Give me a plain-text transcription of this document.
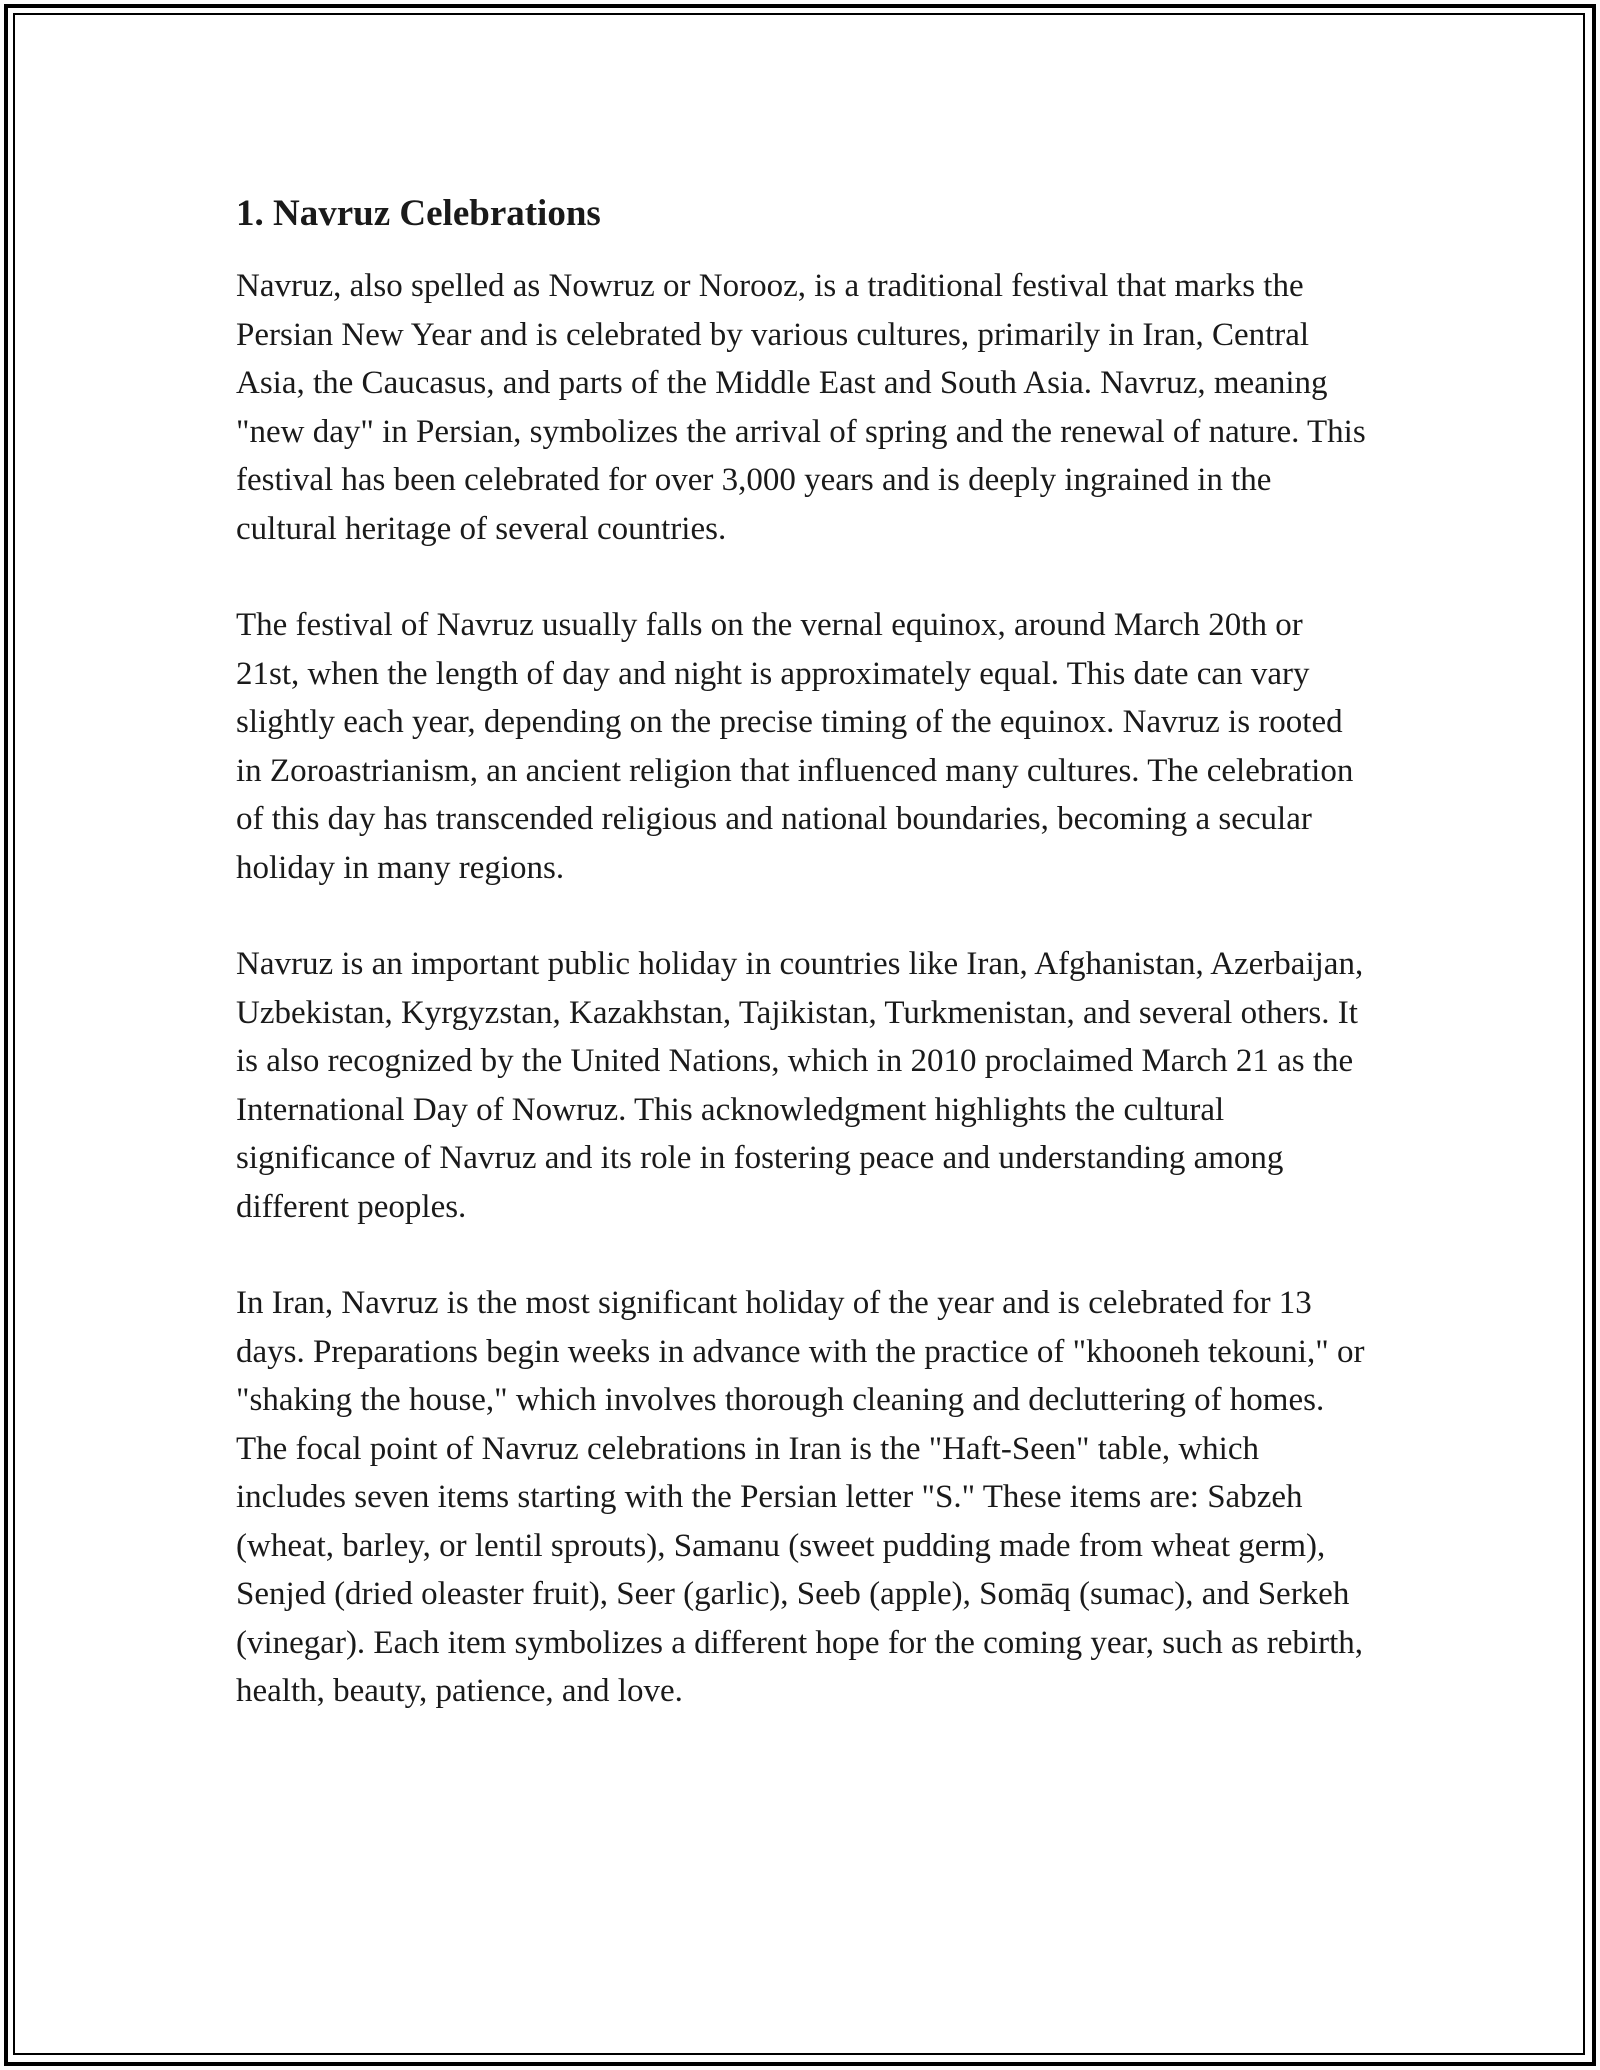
1. Navruz Celebrations

Navruz, also spelled as Nowruz or Norooz, is a traditional festival that marks the Persian New Year and is celebrated by various cultures, primarily in Iran, Central Asia, the Caucasus, and parts of the Middle East and South Asia. Navruz, meaning "new day" in Persian, symbolizes the arrival of spring and the renewal of nature. This festival has been celebrated for over 3,000 years and is deeply ingrained in the cultural heritage of several countries.

The festival of Navruz usually falls on the vernal equinox, around March 20th or 21st, when the length of day and night is approximately equal. This date can vary slightly each year, depending on the precise timing of the equinox. Navruz is rooted in Zoroastrianism, an ancient religion that influenced many cultures. The celebration of this day has transcended religious and national boundaries, becoming a secular holiday in many regions.

Navruz is an important public holiday in countries like Iran, Afghanistan, Azerbaijan, Uzbekistan, Kyrgyzstan, Kazakhstan, Tajikistan, Turkmenistan, and several others. It is also recognized by the United Nations, which in 2010 proclaimed March 21 as the International Day of Nowruz. This acknowledgment highlights the cultural significance of Navruz and its role in fostering peace and understanding among different peoples.

In Iran, Navruz is the most significant holiday of the year and is celebrated for 13 days. Preparations begin weeks in advance with the practice of "khooneh tekouni," or "shaking the house," which involves thorough cleaning and decluttering of homes. The focal point of Navruz celebrations in Iran is the "Haft-Seen" table, which includes seven items starting with the Persian letter "S." These items are: Sabzeh (wheat, barley, or lentil sprouts), Samanu (sweet pudding made from wheat germ), Senjed (dried oleaster fruit), Seer (garlic), Seeb (apple), Somāq (sumac), and Serkeh (vinegar). Each item symbolizes a different hope for the coming year, such as rebirth, health, beauty, patience, and love.
